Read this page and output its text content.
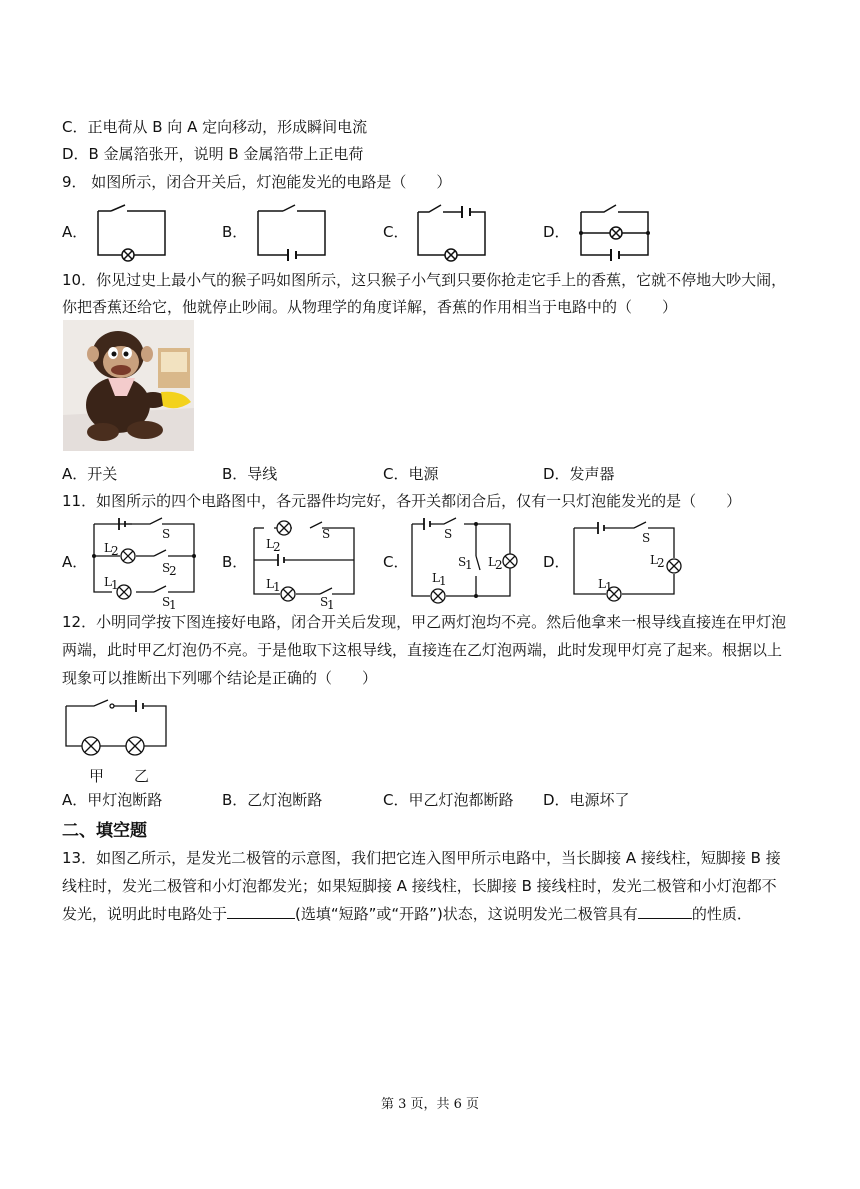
C．正电荷从 B 向 A 定向移动，形成瞬间电流
D．B 金属箔张开，说明 B 金属箔带上正电荷
9． 如图所示，闭合开关后，灯泡能发光的电路是（　　）
A．	B．	C．	D．
10．你见过史上最小气的猴子吗如图所示，这只猴子小气到只要你抢走它手上的香蕉，它就不停地大吵大闹，
你把香蕉还给它，他就停止吵闹。从物理学的角度详解，香蕉的作用相当于电路中的（　　）
A．开关	B．导线	C．电源	D．发声器
11．如图所示的四个电路图中，各元器件均完好，各开关都闭合后，仅有一只灯泡能发光的是（　　）
A．	B．	C．	D．
L 2
L 1
S
S
2
S
1
L 2
S
L 1
S
1
S
S
1 L 2
L 1
S
L 2
L 1
12．小明同学按下图连接好电路，闭合开关后发现，甲乙两灯泡均不亮。然后他拿来一根导线直接连在甲灯泡
两端，此时甲乙灯泡仍不亮。于是他取下这根导线，直接连在乙灯泡两端，此时发现甲灯亮了起来。根据以上
现象可以推断出下列哪个结论是正确的（　　）
甲 乙
A．甲灯泡断路	B．乙灯泡断路	C．甲乙灯泡都断路 D．电源坏了
二、填空题
13．如图乙所示，是发光二极管的示意图，我们把它连入图甲所示电路中，当长脚接 A 接线柱，短脚接 B 接
线柱时，发光二极管和小灯泡都发光；如果短脚接 A 接线柱，长脚接 B 接线柱时，发光二极管和小灯泡都不
发光，说明此时电路处于	(选填“短路”或“开路”)状态，这说明发光二极管具有	的性质．
第 3 页，共 6 页
